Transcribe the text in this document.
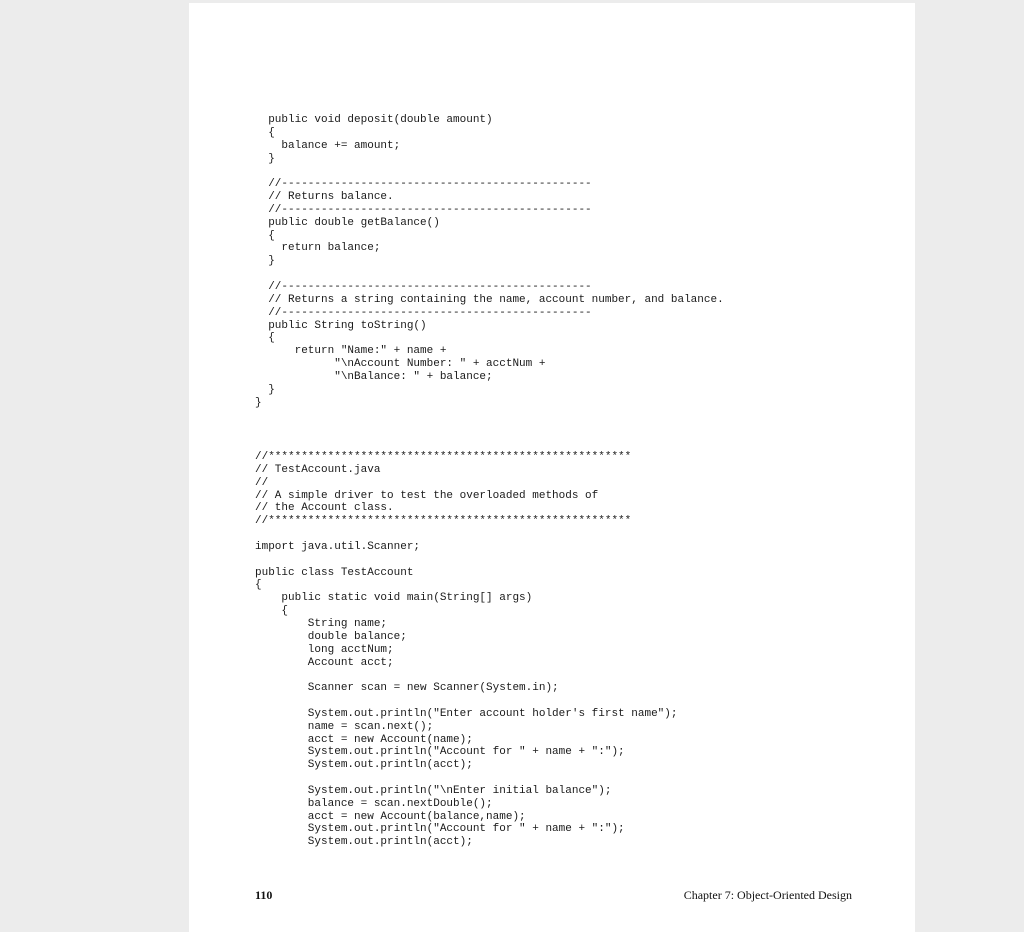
public void deposit(double amount)
{
balance += amount;
}

//-----------------------------------------------
// Returns balance.
//-----------------------------------------------
public double getBalance()
{
return balance;
}

//-----------------------------------------------
// Returns a string containing the name, account number, and balance.
//-----------------------------------------------
public String toString()
{
return "Name:" + name +
"\nAccount Number: " + acctNum +
"\nBalance: " + balance;
}
}
//*******************************************************
// TestAccount.java
//
// A simple driver to test the overloaded methods of
// the Account class.
//*******************************************************

import java.util.Scanner;

public class TestAccount
{
public static void main(String[] args)
{
String name;
double balance;
long acctNum;
Account acct;

Scanner scan = new Scanner(System.in);

System.out.println("Enter account holder's first name");
name = scan.next();
acct = new Account(name);
System.out.println("Account for " + name + ":");
System.out.println(acct);

System.out.println("\nEnter initial balance");
balance = scan.nextDouble();
acct = new Account(balance,name);
System.out.println("Account for " + name + ":");
System.out.println(acct);
110	Chapter 7: Object-Oriented Design
